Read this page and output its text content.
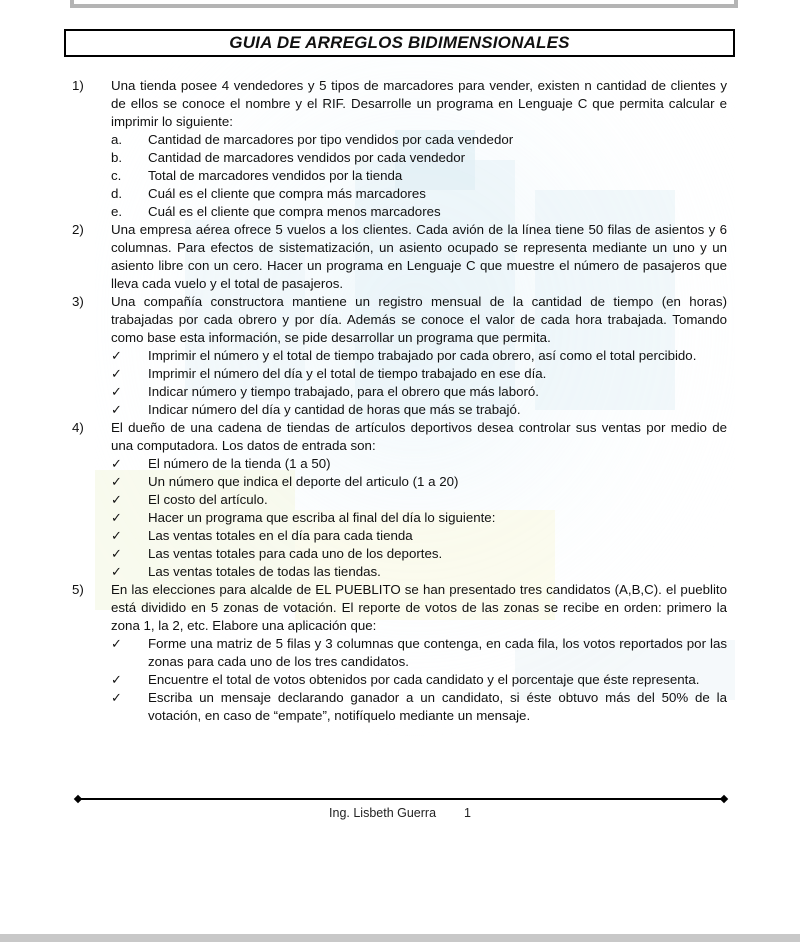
GUIA DE ARREGLOS BIDIMENSIONALES
1)	Una tienda posee 4 vendedores y 5 tipos de marcadores para vender, existen n cantidad de clientes y de ellos se conoce el nombre y el RIF. Desarrolle un programa en Lenguaje C que permita calcular e imprimir lo siguiente:
a.	Cantidad de marcadores por tipo vendidos por cada vendedor
b.	Cantidad de marcadores vendidos por cada vendedor
c.	Total de marcadores vendidos por la tienda
d.	Cuál es el cliente que compra más marcadores
e.	Cuál es el cliente que compra menos marcadores
2)	Una empresa aérea ofrece 5 vuelos a los clientes. Cada avión de la línea tiene 50 filas de asientos y 6 columnas. Para efectos de sistematización, un asiento ocupado se representa mediante un uno y un asiento libre con un cero. Hacer un programa en Lenguaje C que muestre el número de pasajeros que lleva cada vuelo y el total de pasajeros.
3)	Una compañía constructora mantiene un registro mensual de la cantidad de tiempo (en horas) trabajadas por cada obrero y por día. Además se conoce el valor de cada hora trabajada. Tomando como base esta información, se pide desarrollar un programa que permita.
✓	Imprimir el número y el total de tiempo trabajado por cada obrero, así como el total percibido.
✓	Imprimir el número del día y el total de tiempo trabajado en ese día.
✓	Indicar número y tiempo trabajado, para el obrero que más laboró.
✓	Indicar número del día y cantidad de horas que más se trabajó.
4)	El dueño de una cadena de tiendas de artículos deportivos desea controlar sus ventas por medio de una computadora. Los datos de entrada son:
✓	El número de la tienda (1 a 50)
✓	Un número que indica el deporte del articulo (1 a 20)
✓	El costo del artículo.
✓	Hacer un programa que escriba al final del día lo siguiente:
✓	Las ventas totales en el día para cada tienda
✓	Las ventas totales para cada uno de los deportes.
✓	Las ventas totales de todas las tiendas.
5)	En las elecciones para alcalde de EL PUEBLITO se han presentado tres candidatos (A,B,C). el pueblito está dividido en 5 zonas de votación. El reporte de votos de las zonas se recibe en orden: primero la zona 1, la 2, etc. Elabore una aplicación que:
✓	Forme una matriz de 5 filas y 3 columnas que contenga, en cada fila, los votos reportados por las zonas para cada uno de los tres candidatos.
✓	Encuentre el total de votos obtenidos por cada candidato y el porcentaje que éste representa.
✓	Escriba un mensaje declarando ganador a un candidato, si éste obtuvo más del 50% de la votación, en caso de “empate”, notifíquelo mediante un mensaje.
Ing. Lisbeth Guerra 1
